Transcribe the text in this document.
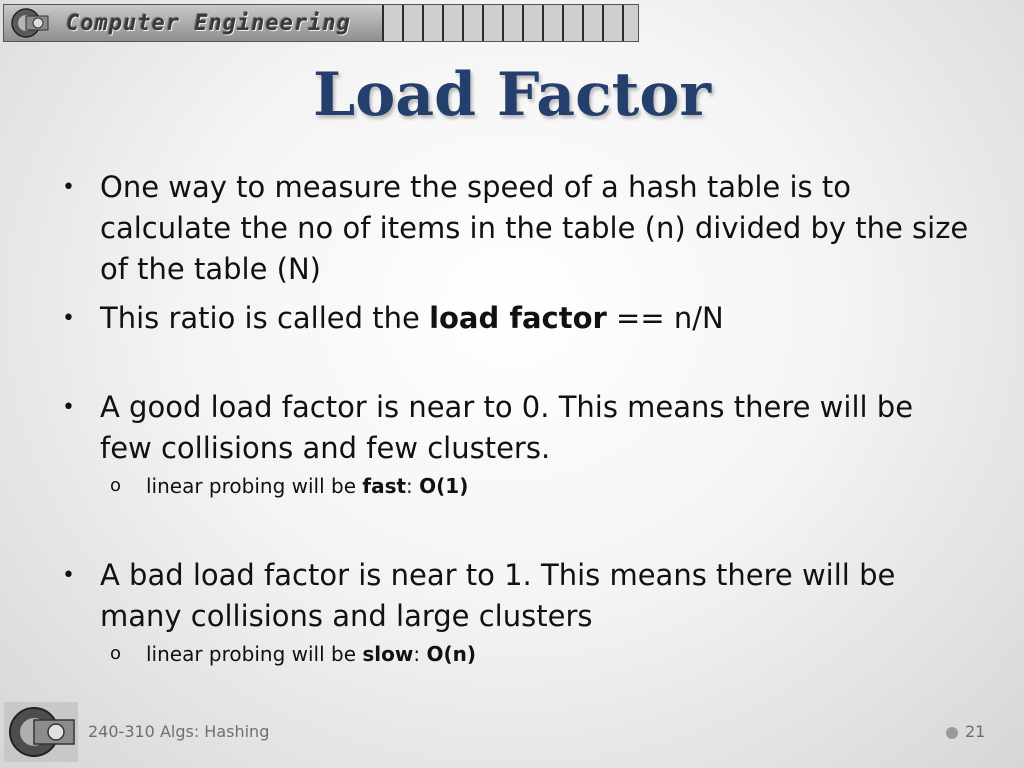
Computer Engineering
Load Factor
• One way to measure the speed of a hash table is to calculate the no of items in the table (n) divided by the size of the table (N)
• This ratio is called the load factor == n/N
• A good load factor is near to 0. This means there will be few collisions and few clusters.
o linear probing will be fast: O(1)
• A bad load factor is near to 1. This means there will be many collisions and large clusters
o linear probing will be slow: O(n)
240-310 Algs: Hashing	21
